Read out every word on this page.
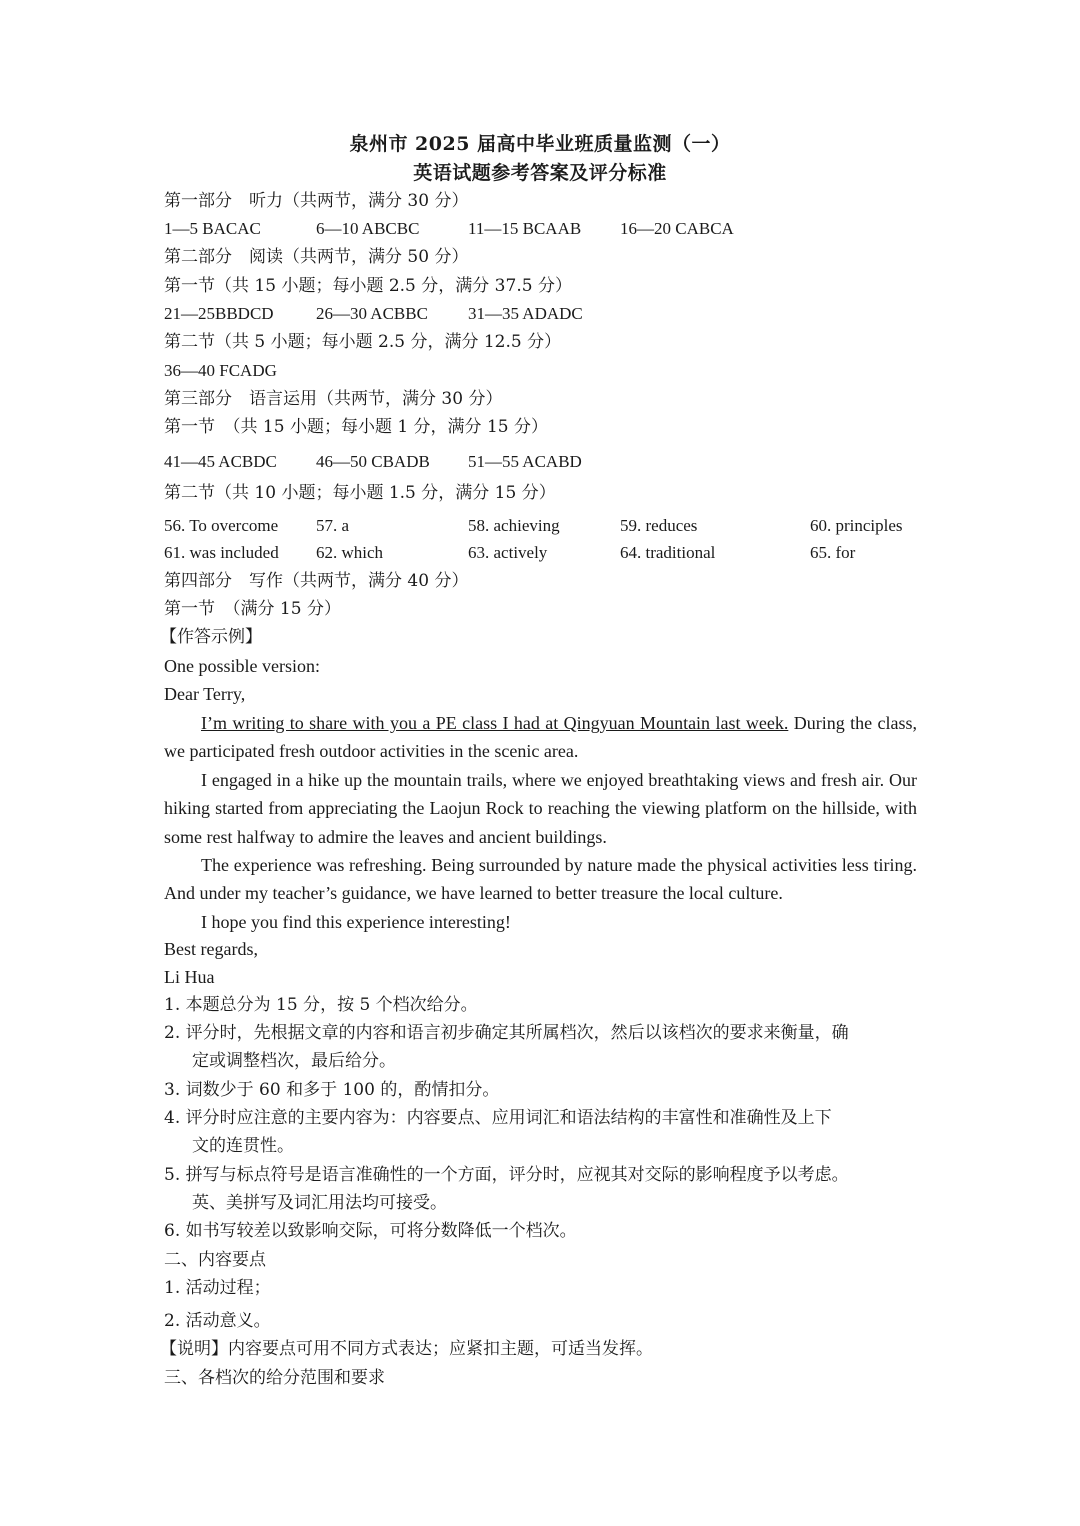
泉州市 2025 届高中毕业班质量监测（一）
英语试题参考答案及评分标准
第一部分　听力（共两节，满分 30 分）
1—5 BACAC	6—10 ABCBC	11—15 BCAAB 16—20 CABCA
第二部分　阅读（共两节，满分 50 分）
第一节（共 15 小题；每小题 2.5 分，满分 37.5 分）
21—25BBDCD 26—30 ACBBC 31—35 ADADC
第二节（共 5 小题；每小题 2.5 分，满分 12.5 分）
36—40 FCADG
第三部分　语言运用（共两节，满分 30 分）
第一节　（共 15 小题；每小题 1 分，满分 15 分）
41—45 ACBDC 46—50 CBADB 51—55 ACABD
第二节（共 10 小题；每小题 1.5 分，满分 15 分）
56. To overcome 57. a	58. achieving	59. reduces	60. principles
61. was included 62. which	63. actively	64. traditional	65. for
第四部分　写作（共两节，满分 40 分）
第一节　（满分 15 分）
【作答示例】
One possible version:
Dear Terry,
I’m writing to share with you a PE class I had at Qingyuan Mountain last week. During the class, we participated fresh outdoor activities in the scenic area.
I engaged in a hike up the mountain trails, where we enjoyed breathtaking views and fresh air. Our hiking started from appreciating the Laojun Rock to reaching the viewing platform on the hillside, with some rest halfway to admire the leaves and ancient buildings.
The experience was refreshing. Being surrounded by nature made the physical activities less tiring. And under my teacher’s guidance, we have learned to better treasure the local culture.
I hope you find this experience interesting!
Best regards,
Li Hua
1. 本题总分为 15 分，按 5 个档次给分。
2. 评分时，先根据文章的内容和语言初步确定其所属档次，然后以该档次的要求来衡量，确
定或调整档次，最后给分。
3. 词数少于 60 和多于 100 的，酌情扣分。
4. 评分时应注意的主要内容为：内容要点、应用词汇和语法结构的丰富性和准确性及上下
文的连贯性。
5. 拼写与标点符号是语言准确性的一个方面，评分时，应视其对交际的影响程度予以考虑。
英、美拼写及词汇用法均可接受。
6. 如书写较差以致影响交际，可将分数降低一个档次。
二、内容要点
1. 活动过程；
2. 活动意义。
【说明】内容要点可用不同方式表达；应紧扣主题，可适当发挥。
三、各档次的给分范围和要求
